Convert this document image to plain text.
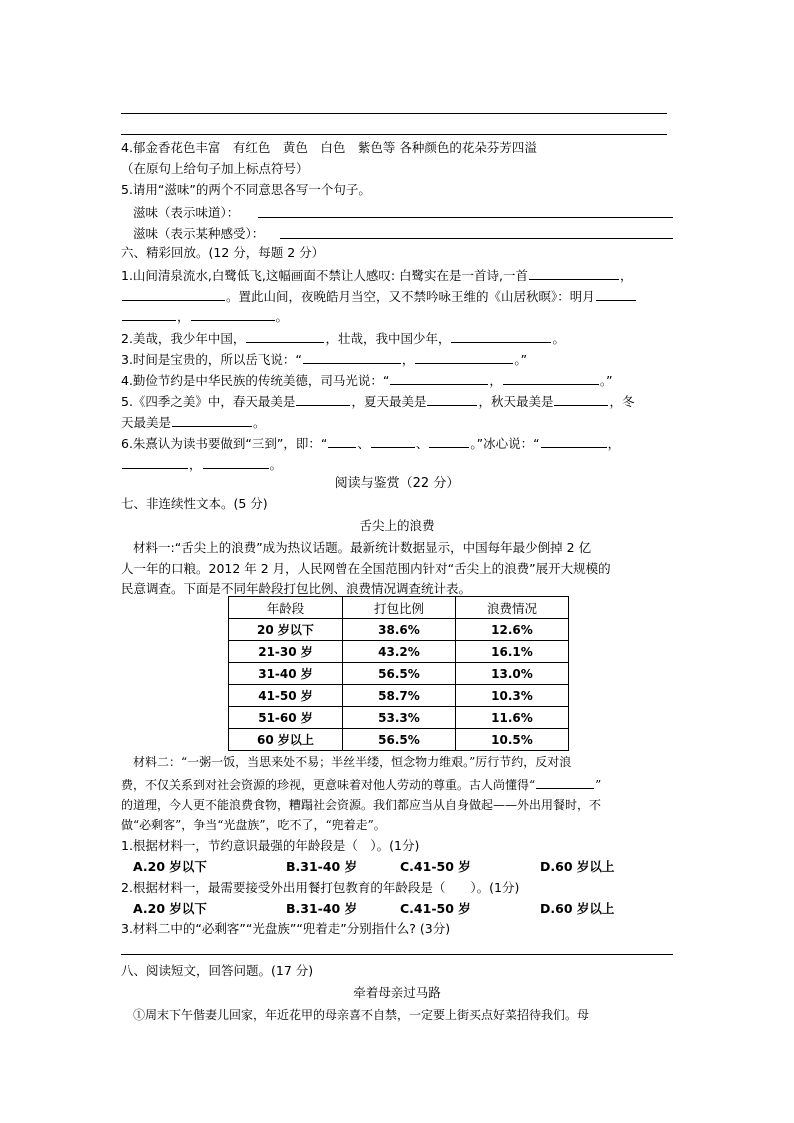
4.郁金香花色丰富　有红色　黄色　白色　紫色等 各种颜色的花朵芬芳四溢
（在原句上给句子加上标点符号）
5.请用“滋味”的两个不同意思各写一个句子。
滋味（表示味道）：
滋味（表示某种感受）：
六、精彩回放。(12 分，每题 2 分）
1.山间清泉流水,白鹭低飞,这幅画面不禁让人感叹: 白鹭实在是一首诗,一首	，
。置此山间，夜晚皓月当空，又不禁吟咏王维的《山居秋暝》：明月
，	。
2.美哉，我少年中国，	，壮哉，我中国少年，	。
3.时间是宝贵的，所以岳飞说：“	，	。”
4.勤俭节约是中华民族的传统美德，司马光说：“	，	。”
5.《四季之美》中，春天最美是	，夏天最美是	，秋天最美是	，冬
天最美是	。
6.朱熹认为读书要做到“三到”，即：“ 、	、	。”冰心说：“	，
，	。
阅读与鉴赏（22 分）
七、非连续性文本。(5 分)
舌尖上的浪费
材料一:“舌尖上的浪费”成为热议话题。最新统计数据显示，中国每年最少倒掉 2 亿
人一年的口粮。2012 年 2 月，人民网曾在全国范围内针对“舌尖上的浪费”展开大规模的
民意调查。下面是不同年龄段打包比例、浪费情况调查统计表。
年龄段	打包比例	浪费情况
20 岁以下	38.6%	12.6%
21-30 岁	43.2%	16.1%
31-40 岁	56.5%	13.0%
41-50 岁	58.7%	10.3%
51-60 岁	53.3%	11.6%
60 岁以上	56.5%	10.5%
材料二：“一粥一饭，当思来处不易；半丝半缕，恒念物力维艰。”厉行节约，反对浪
费，不仅关系到对社会资源的珍视，更意味着对他人劳动的尊重。古人尚懂得“	”
的道理，今人更不能浪费食物，糟蹋社会资源。我们都应当从自身做起——外出用餐时，不
做“必剩客”，争当“光盘族”，吃不了，“兜着走”。
1.根据材料一，节约意识最强的年龄段是（　）。(1分)
A.20 岁以下	B.31-40 岁	C.41-50 岁	D.60 岁以上
2.根据材料一，最需要接受外出用餐打包教育的年龄段是（　　）。(1分)
A.20 岁以下	B.31-40 岁	C.41-50 岁	D.60 岁以上
3.材料二中的“必剩客”“光盘族”“兜着走”分别指什么? (3分)
八、阅读短文，回答问题。(17 分)
牵着母亲过马路
①周末下午偕妻儿回家，年近花甲的母亲喜不自禁，一定要上街买点好菜招待我们。母
